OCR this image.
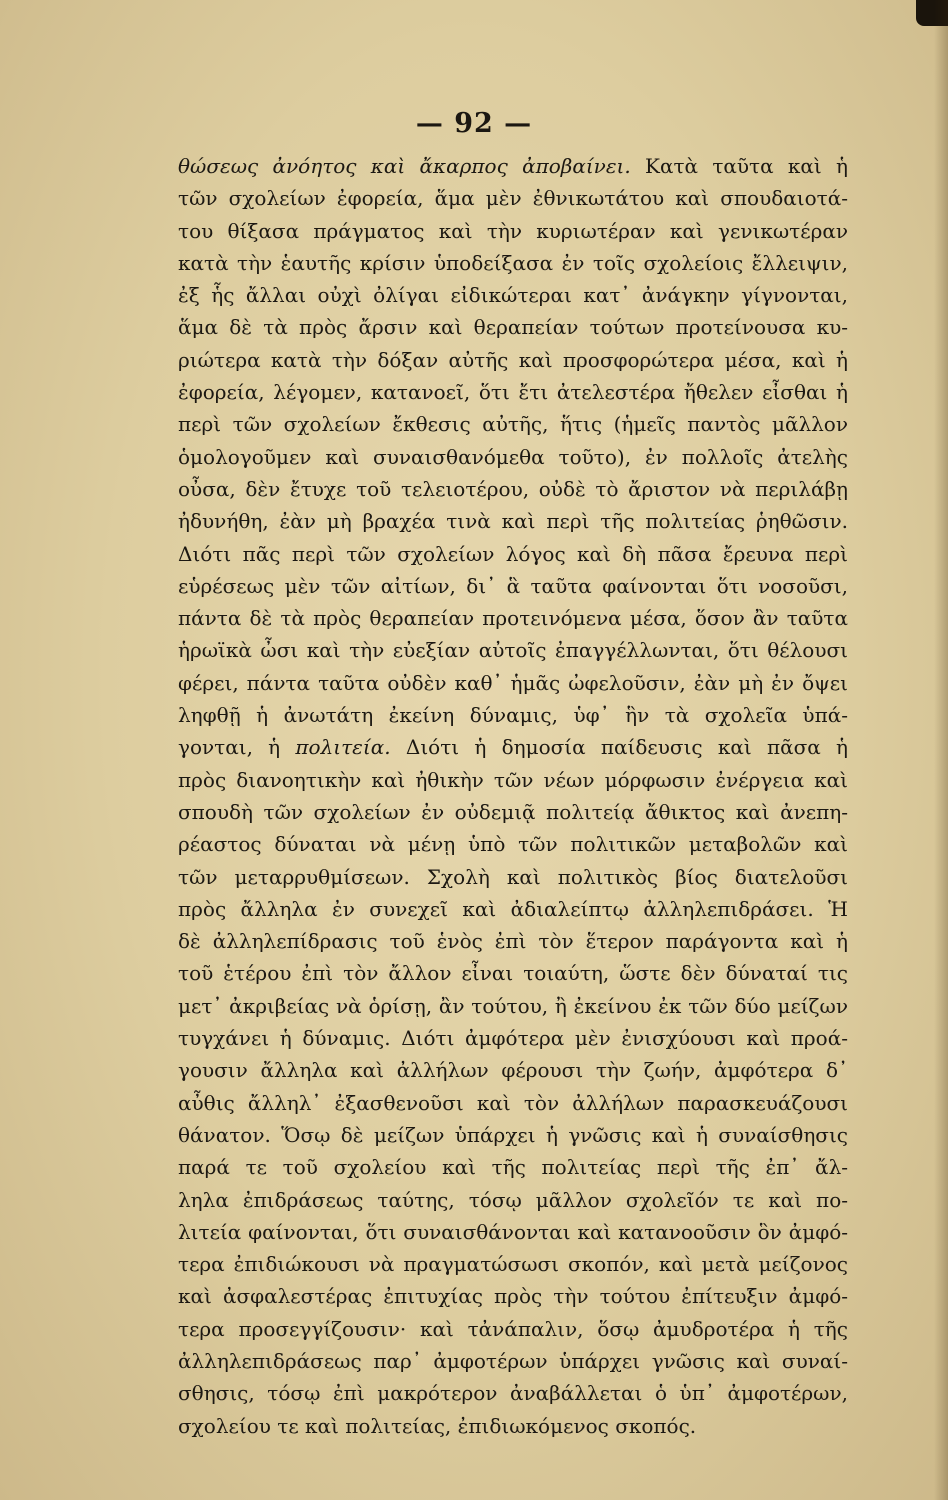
— 92 —
θώσεως ἀνόητος καὶ ἄκαρπος ἀποβαίνει. Κατὰ ταῦτα καὶ ἡ
τῶν σχολείων ἐφορεία, ἅμα μὲν ἐθνικωτάτου καὶ σπουδαιοτά-
του θίξασα πράγματος καὶ τὴν κυριωτέραν καὶ γενικωτέραν
κατὰ τὴν ἑαυτῆς κρίσιν ὑποδείξασα ἐν τοῖς σχολείοις ἔλλειψιν,
ἐξ ἧς ἄλλαι οὐχὶ ὀλίγαι εἰδικώτεραι κατ᾽ ἀνάγκην γίγνονται,
ἅμα δὲ τὰ πρὸς ἄρσιν καὶ θεραπείαν τούτων προτείνουσα κυ-
ριώτερα κατὰ τὴν δόξαν αὐτῆς καὶ προσφορώτερα μέσα, καὶ ἡ
ἐφορεία, λέγομεν, κατανοεῖ, ὅτι ἔτι ἀτελεστέρα ἤθελεν εἶσθαι ἡ
περὶ τῶν σχολείων ἔκθεσις αὐτῆς, ἥτις (ἡμεῖς παντὸς μᾶλλον
ὁμολογοῦμεν καὶ συναισθανόμεθα τοῦτο), ἐν πολλοῖς ἀτελὴς
οὖσα, δὲν ἔτυχε τοῦ τελειοτέρου, οὐδὲ τὸ ἄριστον νὰ περιλάβῃ
ἠδυνήθη, ἐὰν μὴ βραχέα τινὰ καὶ περὶ τῆς πολιτείας ῥηθῶσιν.
Διότι πᾶς περὶ τῶν σχολείων λόγος καὶ δὴ πᾶσα ἔρευνα περὶ
εὑρέσεως μὲν τῶν αἰτίων, δι᾽ ἃ ταῦτα φαίνονται ὅτι νοσοῦσι,
πάντα δὲ τὰ πρὸς θεραπείαν προτεινόμενα μέσα, ὅσον ἂν ταῦτα
ἡρωϊκὰ ὦσι καὶ τὴν εὐεξίαν αὐτοῖς ἐπαγγέλλωνται, ὅτι θέλουσι
φέρει, πάντα ταῦτα οὐδὲν καθ᾽ ἡμᾶς ὠφελοῦσιν, ἐὰν μὴ ἐν ὄψει
ληφθῇ ἡ ἀνωτάτη ἐκείνη δύναμις, ὑφ᾽ ἣν τὰ σχολεῖα ὑπά-
γονται, ἡ πολιτεία. Διότι ἡ δημοσία παίδευσις καὶ πᾶσα ἡ
πρὸς διανοητικὴν καὶ ἠθικὴν τῶν νέων μόρφωσιν ἐνέργεια καὶ
σπουδὴ τῶν σχολείων ἐν οὐδεμιᾷ πολιτείᾳ ἄθικτος καὶ ἀνεπη-
ρέαστος δύναται νὰ μένῃ ὑπὸ τῶν πολιτικῶν μεταβολῶν καὶ
τῶν μεταρρυθμίσεων. Σχολὴ καὶ πολιτικὸς βίος διατελοῦσι
πρὸς ἄλληλα ἐν συνεχεῖ καὶ ἀδιαλείπτῳ ἀλληλεπιδράσει. Ἡ
δὲ ἀλληλεπίδρασις τοῦ ἑνὸς ἐπὶ τὸν ἕτερον παράγοντα καὶ ἡ
τοῦ ἑτέρου ἐπὶ τὸν ἄλλον εἶναι τοιαύτη, ὥστε δὲν δύναταί τις
μετ᾽ ἀκριβείας νὰ ὁρίσῃ, ἂν τούτου, ἢ ἐκείνου ἐκ τῶν δύο μείζων
τυγχάνει ἡ δύναμις. Διότι ἀμφότερα μὲν ἐνισχύουσι καὶ προά-
γουσιν ἄλληλα καὶ ἀλλήλων φέρουσι τὴν ζωήν, ἀμφότερα δ᾽
αὖθις ἄλληλ᾽ ἐξασθενοῦσι καὶ τὸν ἀλλήλων παρασκευάζουσι
θάνατον. Ὅσῳ δὲ μείζων ὑπάρχει ἡ γνῶσις καὶ ἡ συναίσθησις
παρά τε τοῦ σχολείου καὶ τῆς πολιτείας περὶ τῆς ἐπ᾽ ἄλ-
ληλα ἐπιδράσεως ταύτης, τόσῳ μᾶλλον σχολεῖόν τε καὶ πο-
λιτεία φαίνονται, ὅτι συναισθάνονται καὶ κατανοοῦσιν ὃν ἀμφό-
τερα ἐπιδιώκουσι νὰ πραγματώσωσι σκοπόν, καὶ μετὰ μείζονος
καὶ ἀσφαλεστέρας ἐπιτυχίας πρὸς τὴν τούτου ἐπίτευξιν ἀμφό-
τερα προσεγγίζουσιν· καὶ τἀνάπαλιν, ὅσῳ ἀμυδροτέρα ἡ τῆς
ἀλληλεπιδράσεως παρ᾽ ἀμφοτέρων ὑπάρχει γνῶσις καὶ συναί-
σθησις, τόσῳ ἐπὶ μακρότερον ἀναβάλλεται ὁ ὑπ᾽ ἀμφοτέρων,
σχολείου τε καὶ πολιτείας, ἐπιδιωκόμενος σκοπός.
